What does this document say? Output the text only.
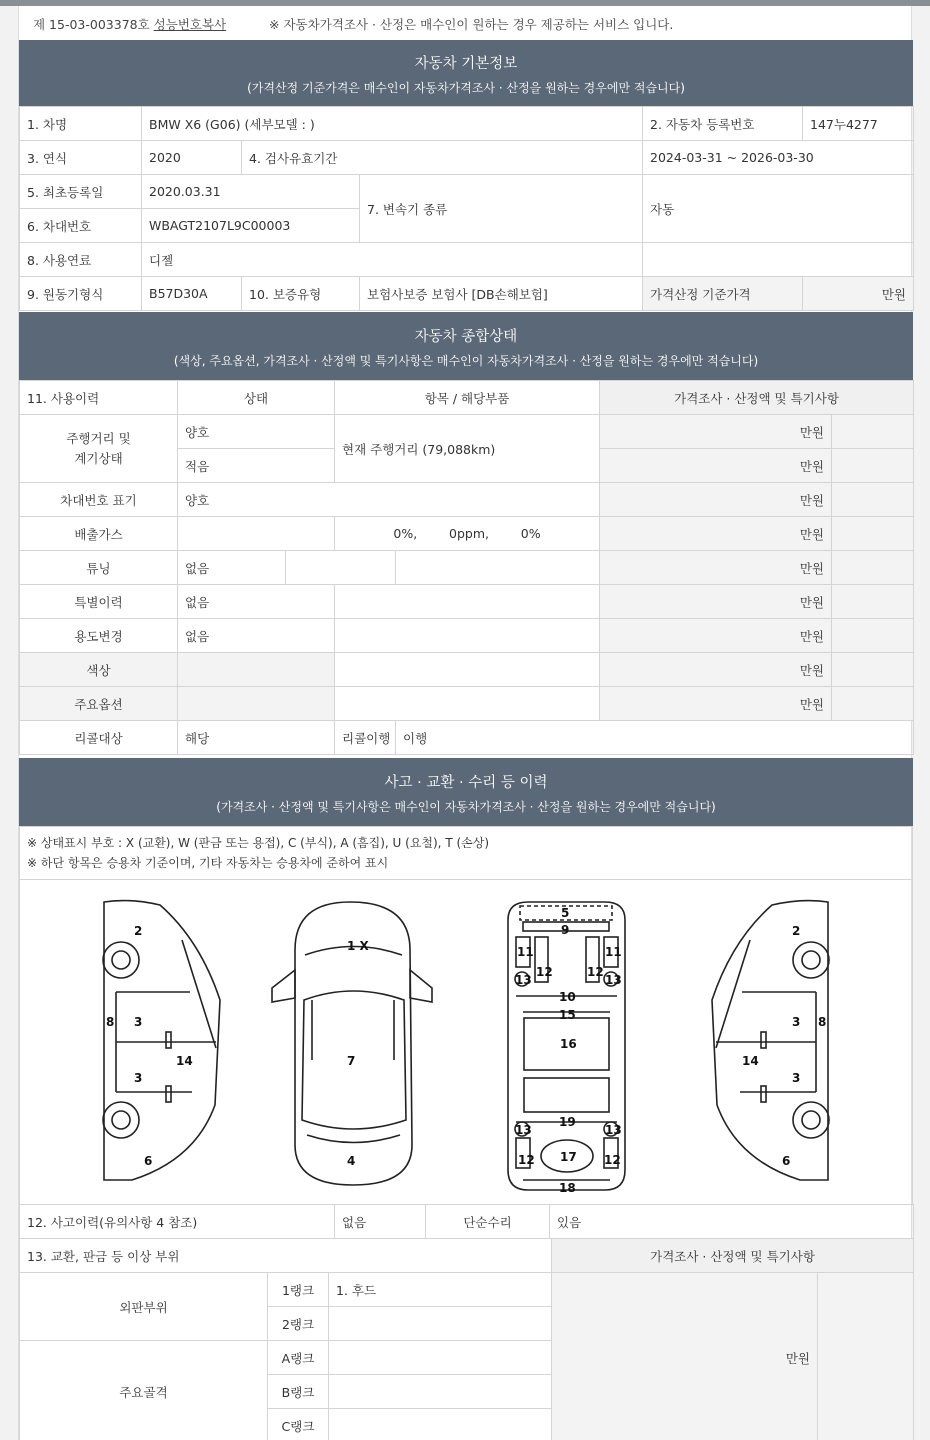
제 15-03-003378호
성능번호복사	※ 자동차가격조사 · 산정은 매수인이 원하는 경우 제공하는 서비스 입니다.
자동차 기본정보
(가격산정 기준가격은 매수인이 자동차가격조사 · 산정을 원하는 경우에만 적습니다)
1. 차명	BMW X6 (G06) (세부모델 : )			2. 자동차 등록번호	147누4277
3. 연식	2020	4. 검사유효기간		2024-03-31 ~ 2026-03-30	
5. 최초등록일	2020.03.31		7. 변속기 종류	자동	
6. 차대번호	WBAGT2107L9C00003				
8. 사용연료	디젤				
9. 원동기형식	B57D30A	10. 보증유형	보험사보증 보험사 [DB손해보험]	가격산정 기준가격	만원
자동차 종합상태
(색상, 주요옵션, 가격조사 · 산정액 및 특기사항은 매수인이 자동차가격조사 · 산정을 원하는 경우에만 적습니다)
11. 사용이력	상태		항목 / 해당부품		가격조사 · 산정액 및 특기사항	
주행거리 및
계기상태	양호		현재 주행거리 (79,088km)		만원	
	적음				만원	
차대번호 표기	양호				만원	
배출가스			0%,        0ppm,        0%		만원	
튜닝	없음				만원	
특별이력	없음				만원	
용도변경	없음				만원	
색상					만원	
주요옵션					만원	
리콜대상	해당		리콜이행	이행		
사고 · 교환 · 수리 등 이력
(가격조사 · 산정액 및 특기사항은 매수인이 자동차가격조사 · 산정을 원하는 경우에만 적습니다)
※ 상태표시 부호 : X (교환), W (판금 또는 용접), C (부식), A (흠집), U (요철), T (손상)
※ 하단 항목은 승용차 기준이며, 기타 자동차는 승용차에 준하여 표시
2
8 3
3
14
6
1 X
7
4
5
9
11
12	12
11
13	13
10
15
16
19
13	13
12	12
17
18
2
8
3
3
14
6
12. 사고이력(유의사항 4 참조)	없음	단순수리	있음
13. 교환, 판금 등 이상 부위			가격조사 · 산정액 및 특기사항	
외판부위	1랭크	1. 후드	만원	
	2랭크			
주요골격	A랭크			
	B랭크			
	C랭크			
